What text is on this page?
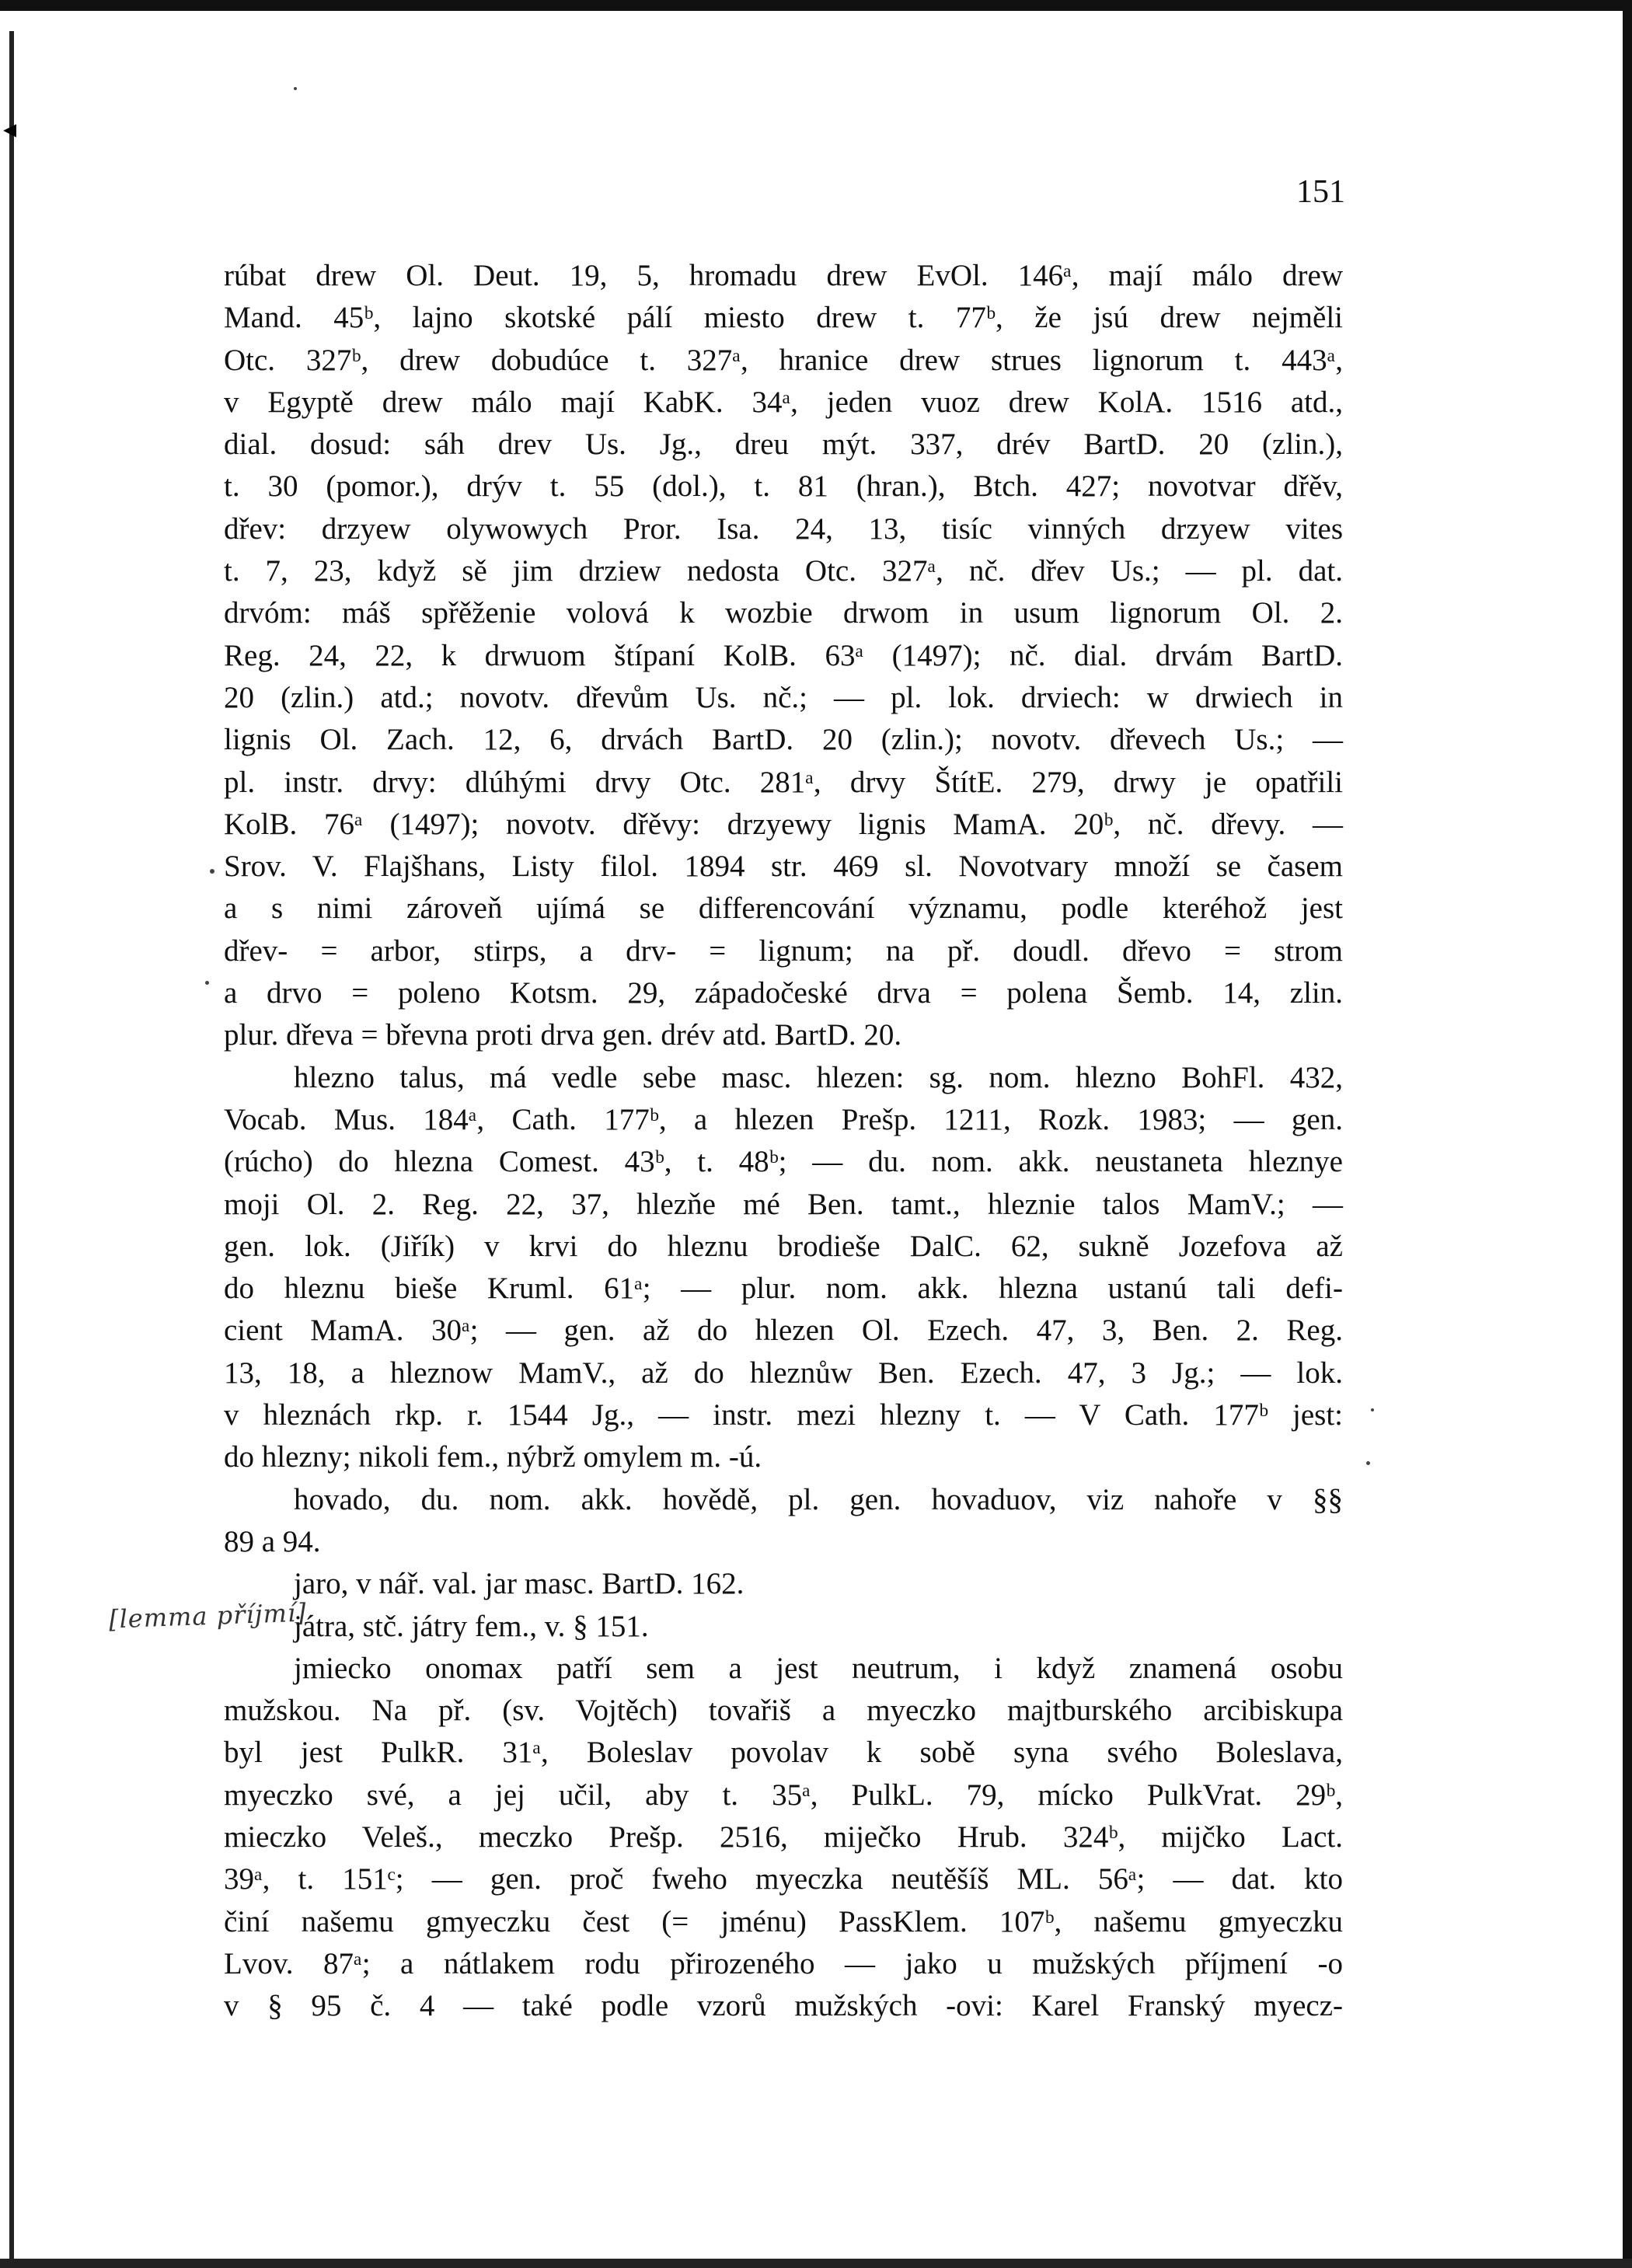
◂
151
[lemma příjmí]
rúbat drew Ol. Deut. 19, 5, hromadu drew EvOl. 146ᵃ, mají málo drew
Mand. 45ᵇ, lajno skotské pálí miesto drew t. 77ᵇ, že jsú drew nejměli
Otc. 327ᵇ, drew dobudúce t. 327ᵃ, hranice drew strues lignorum t. 443ᵃ,
v Egyptě drew málo mají KabK. 34ᵃ, jeden vuoz drew KolA. 1516 atd.,
dial. dosud: sáh drev Us. Jg., dreu mýt. 337, drév BartD. 20 (zlin.),
t. 30 (pomor.), drýv t. 55 (dol.), t. 81 (hran.), Btch. 427; novotvar dřěv,
dřev: drzyew olywowych Pror. Isa. 24, 13, tisíc vinných drzyew vites
t. 7, 23, když sě jim drziew nedosta Otc. 327ᵃ, nč. dřev Us.; — pl. dat.
drvóm: máš spřěženie volová k wozbie drwom in usum lignorum Ol. 2.
Reg. 24, 22, k drwuom štípaní KolB. 63ᵃ (1497); nč. dial. drvám BartD.
20 (zlin.) atd.; novotv. dřevům Us. nč.; — pl. lok. drviech: w drwiech in
lignis Ol. Zach. 12, 6, drvách BartD. 20 (zlin.); novotv. dřevech Us.; —
pl. instr. drvy: dlúhými drvy Otc. 281ᵃ, drvy ŠtítE. 279, drwy je opatřili
KolB. 76ᵃ (1497); novotv. dřěvy: drzyewy lignis MamA. 20ᵇ, nč. dřevy. —
Srov. V. Flajšhans, Listy filol. 1894 str. 469 sl. Novotvary množí se časem
a s nimi zároveň ujímá se differencování významu, podle kteréhož jest
dřev- = arbor, stirps, a drv- = lignum; na př. doudl. dřevo = strom
a drvo = poleno Kotsm. 29, západočeské drva = polena Šemb. 14, zlin.
plur. dřeva = břevna proti drva gen. drév atd. BartD. 20.
hlezno talus, má vedle sebe masc. hlezen: sg. nom. hlezno BohFl. 432,
Vocab. Mus. 184ᵃ, Cath. 177ᵇ, a hlezen Prešp. 1211, Rozk. 1983; — gen.
(rúcho) do hlezna Comest. 43ᵇ, t. 48ᵇ; — du. nom. akk. neustaneta hleznye
moji Ol. 2. Reg. 22, 37, hlezňe mé Ben. tamt., hleznie talos MamV.; —
gen. lok. (Jiřík) v krvi do hleznu brodieše DalC. 62, sukně Jozefova až
do hleznu bieše Kruml. 61ᵃ; — plur. nom. akk. hlezna ustanú tali defi-
cient MamA. 30ᵃ; — gen. až do hlezen Ol. Ezech. 47, 3, Ben. 2. Reg.
13, 18, a hleznow MamV., až do hleznůw Ben. Ezech. 47, 3 Jg.; — lok.
v hleznách rkp. r. 1544 Jg., — instr. mezi hlezny t. — V Cath. 177ᵇ jest:
do hlezny; nikoli fem., nýbrž omylem m. -ú.
hovado, du. nom. akk. hovědě, pl. gen. hovaduov, viz nahoře v §§
89 a 94.
jaro, v nář. val. jar masc. BartD. 162.
játra, stč. játry fem., v. § 151.
jmiecko onomax patří sem a jest neutrum, i když znamená osobu
mužskou. Na př. (sv. Vojtěch) tovařiš a myeczko majtburského arcibiskupa
byl jest PulkR. 31ᵃ, Boleslav povolav k sobě syna svého Boleslava,
myeczko své, a jej učil, aby t. 35ᵃ, PulkL. 79, mícko PulkVrat. 29ᵇ,
mieczko Veleš., meczko Prešp. 2516, miječko Hrub. 324ᵇ, mijčko Lact.
39ᵃ, t. 151ᶜ; — gen. proč fweho myeczka neutěšíš ML. 56ᵃ; — dat. kto
činí našemu gmyeczku čest (= jménu) PassKlem. 107ᵇ, našemu gmyeczku
Lvov. 87ᵃ; a nátlakem rodu přirozeného — jako u mužských příjmení -o
v § 95 č. 4 — také podle vzorů mužských -ovi: Karel Franský myecz-
